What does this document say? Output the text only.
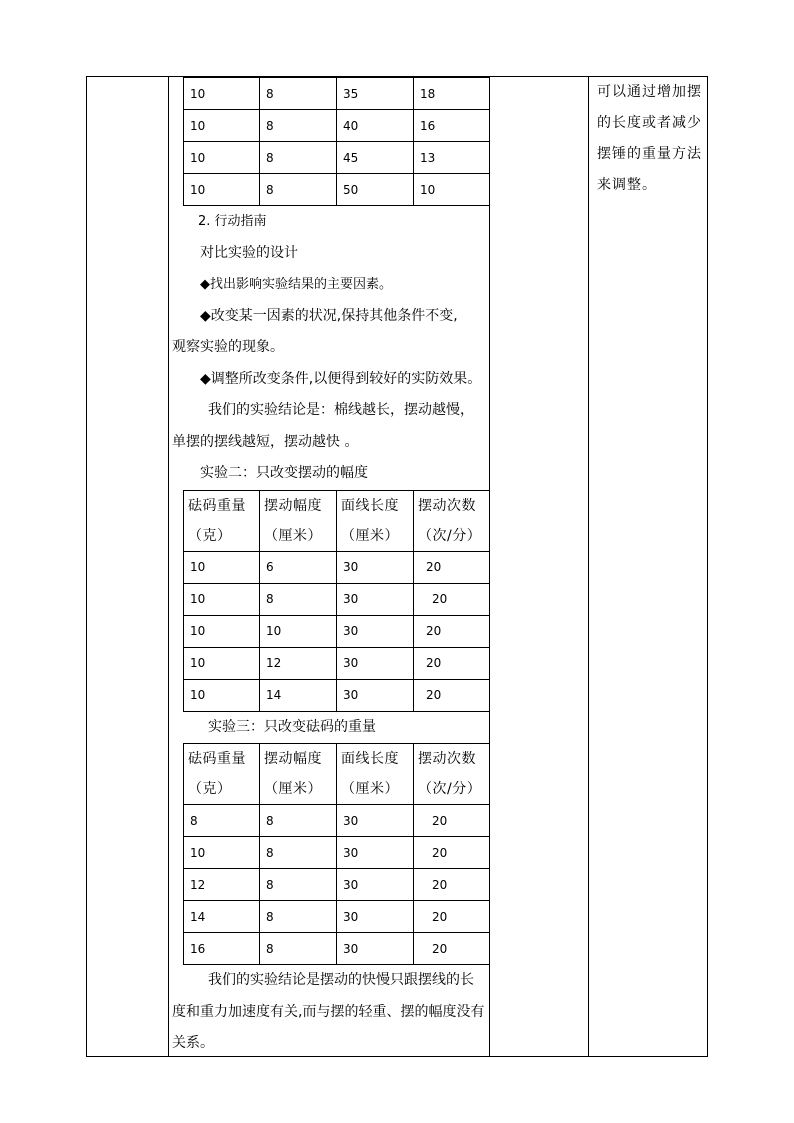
10	8	35	18
10	8	40	16
10	8	45	13
10	8	50	10

2. 行动指南

对比实验的设计

◆找出影响实验结果的主要因素。

◆改变某一因素的状况,保持其他条件不变,

观察实验的现象。

◆调整所改变条件,以便得到较好的实防效果。

我们的实验结论是：棉线越长，摆动越慢，

单摆的摆线越短，摆动越快 。

实验二：只改变摆动的幅度

砝码重量（克）	摆动幅度（厘米）	面线长度（厘米）	摆动次数（次/分）
10	6	30	20
10	8	30	20
10	10	30	20
10	12	30	20
10	14	30	20

实验三：只改变砝码的重量

砝码重量（克）	摆动幅度（厘米）	面线长度（厘米）	摆动次数（次/分）
8	8	30	20
10	8	30	20
12	8	30	20
14	8	30	20
16	8	30	20

我们的实验结论是摆动的快慢只跟摆线的长

度和重力加速度有关,而与摆的轻重、摆的幅度没有

关系。

可以通过增加摆
的长度或者减少
摆锤的重量方法
来调整。
